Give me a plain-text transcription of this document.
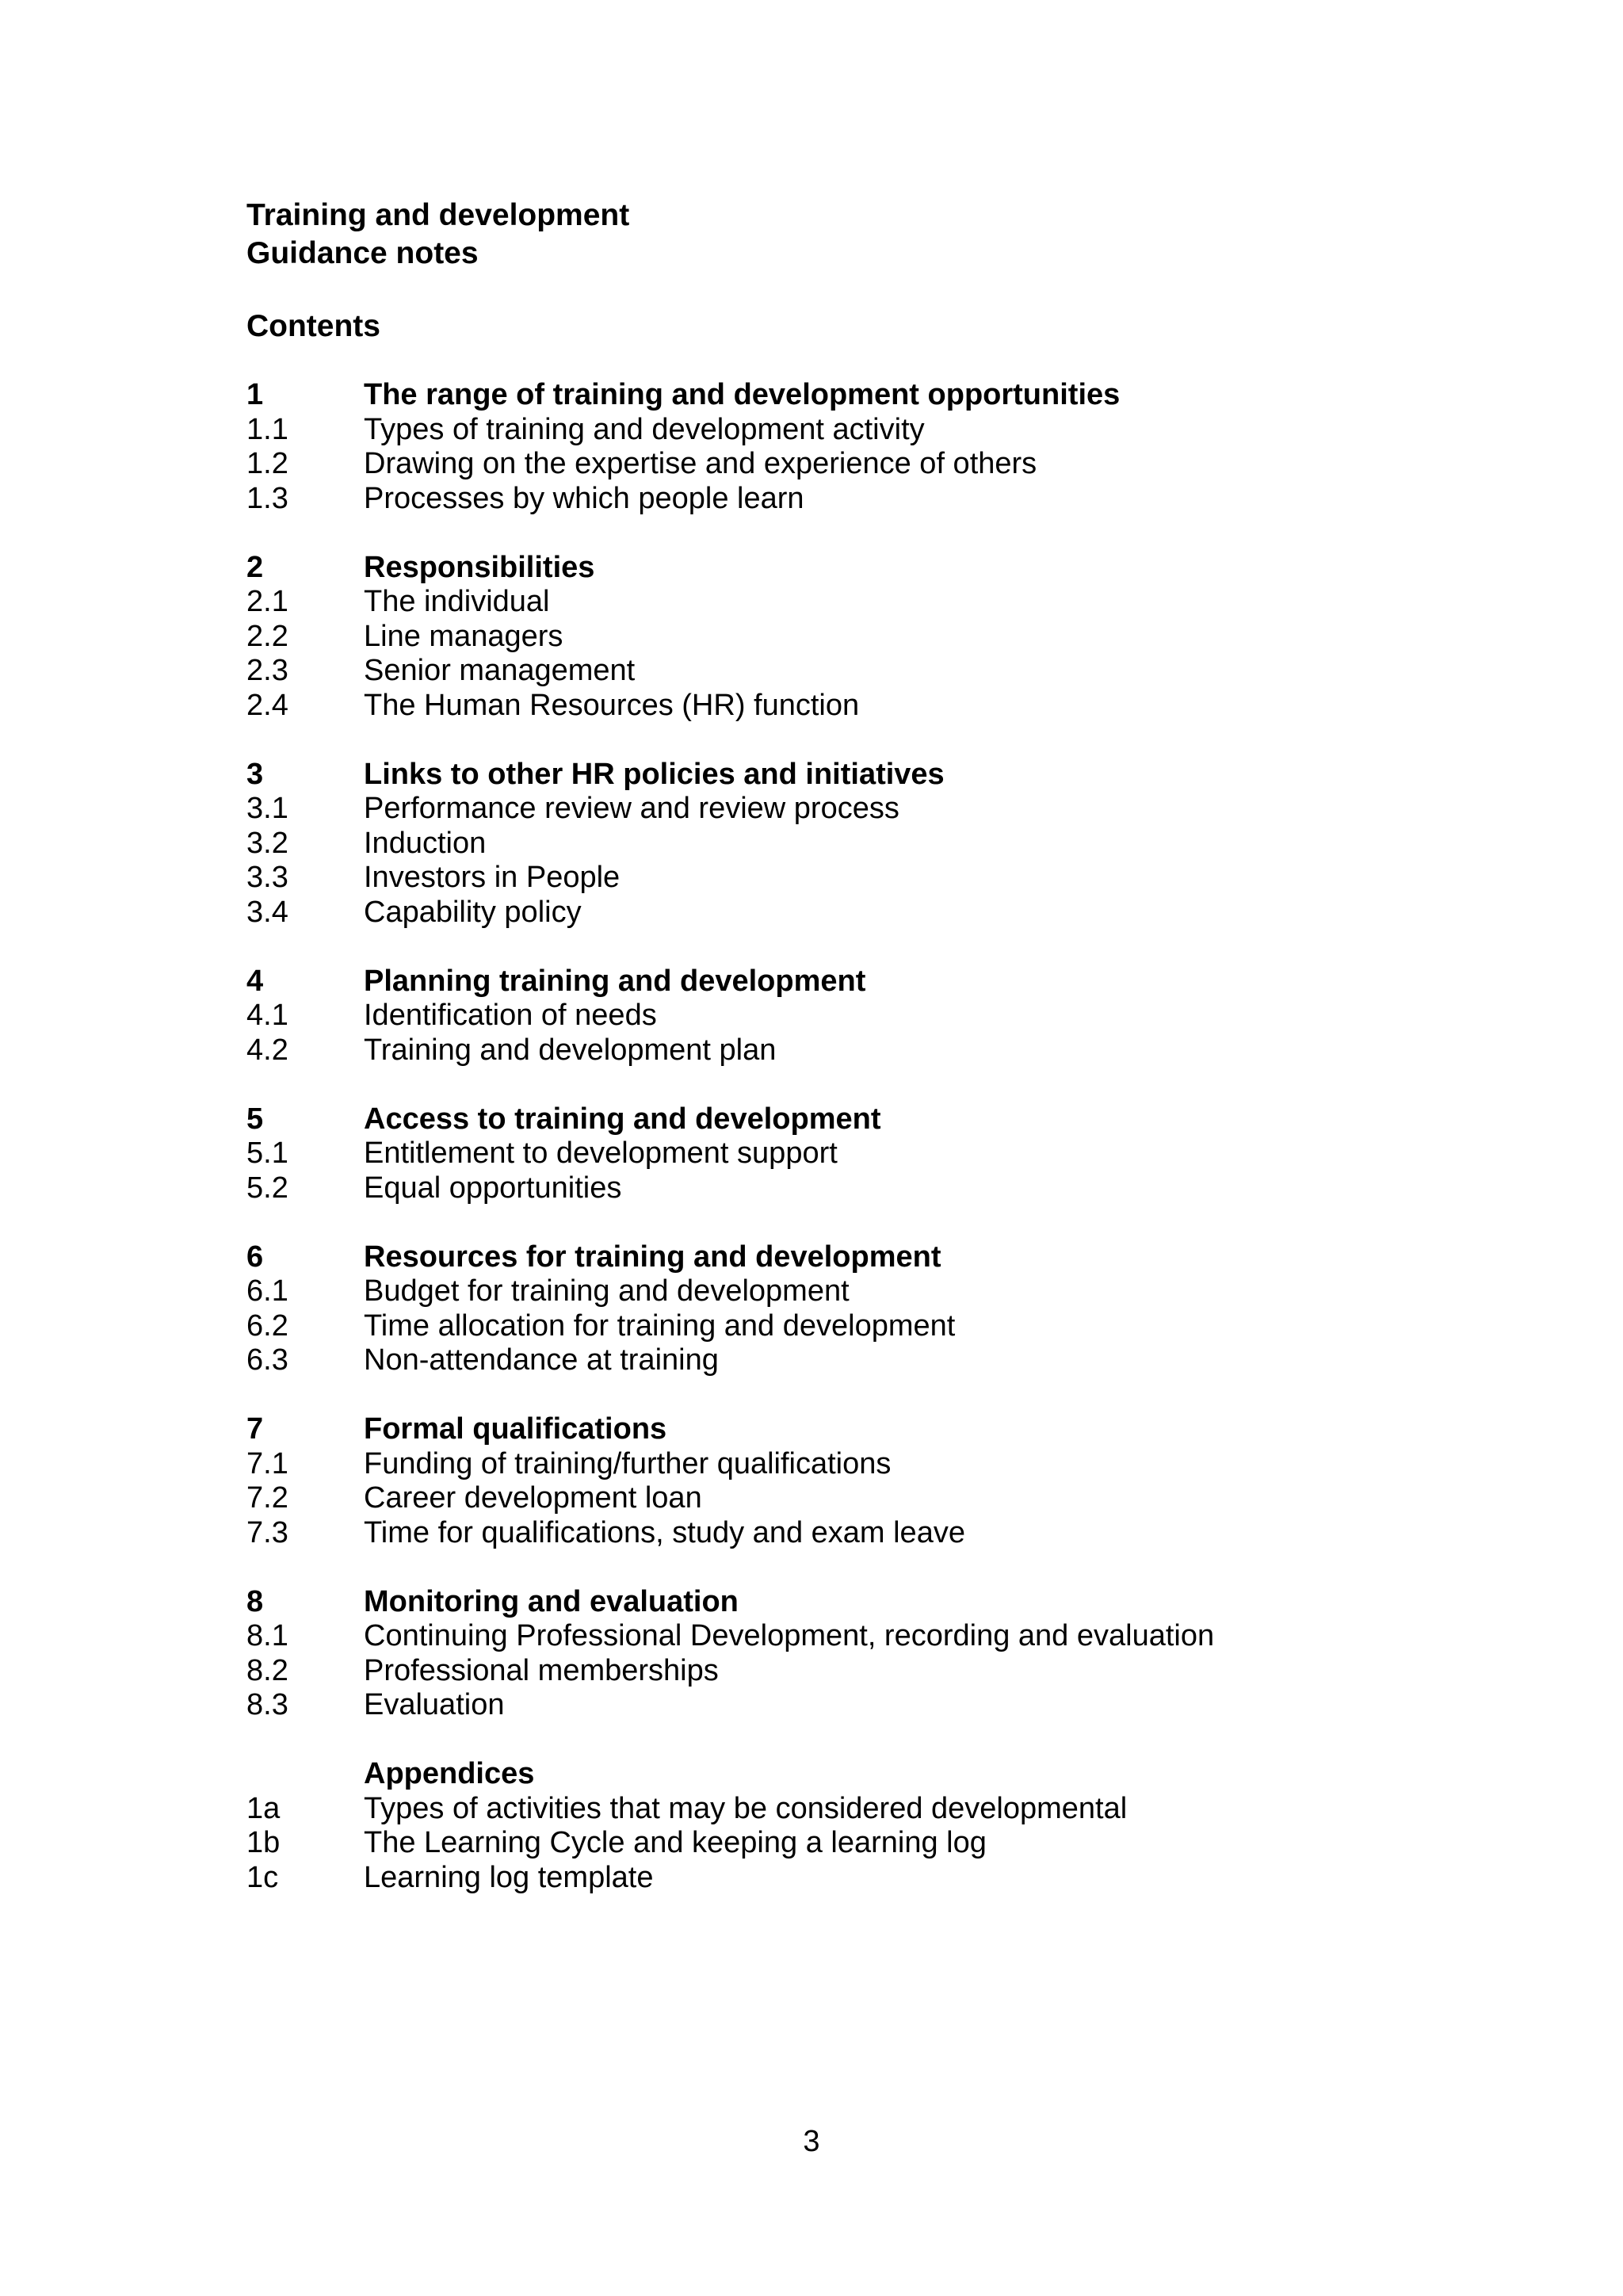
Training and development
Guidance notes
Contents
1	The range of training and development opportunities
1.1	Types of training and development activity
1.2	Drawing on the expertise and experience of others
1.3	Processes by which people learn
2	Responsibilities
2.1	The individual
2.2	Line managers
2.3	Senior management
2.4	The Human Resources (HR) function
3	Links to other HR policies and initiatives
3.1	Performance review and review process
3.2	Induction
3.3	Investors in People
3.4	Capability policy
4	Planning training and development
4.1	Identification of needs
4.2	Training and development plan
5	Access to training and development
5.1	Entitlement to development support
5.2	Equal opportunities
6	Resources for training and development
6.1	Budget for training and development
6.2	Time allocation for training and development
6.3	Non-attendance at training
7	Formal qualifications
7.1	Funding of training/further qualifications
7.2	Career development loan
7.3	Time for qualifications, study and exam leave
8	Monitoring and evaluation
8.1	Continuing Professional Development, recording and evaluation
8.2	Professional memberships
8.3	Evaluation
Appendices
1a	Types of activities that may be considered developmental
1b	The Learning Cycle and keeping a learning log
1c	Learning log template
3
